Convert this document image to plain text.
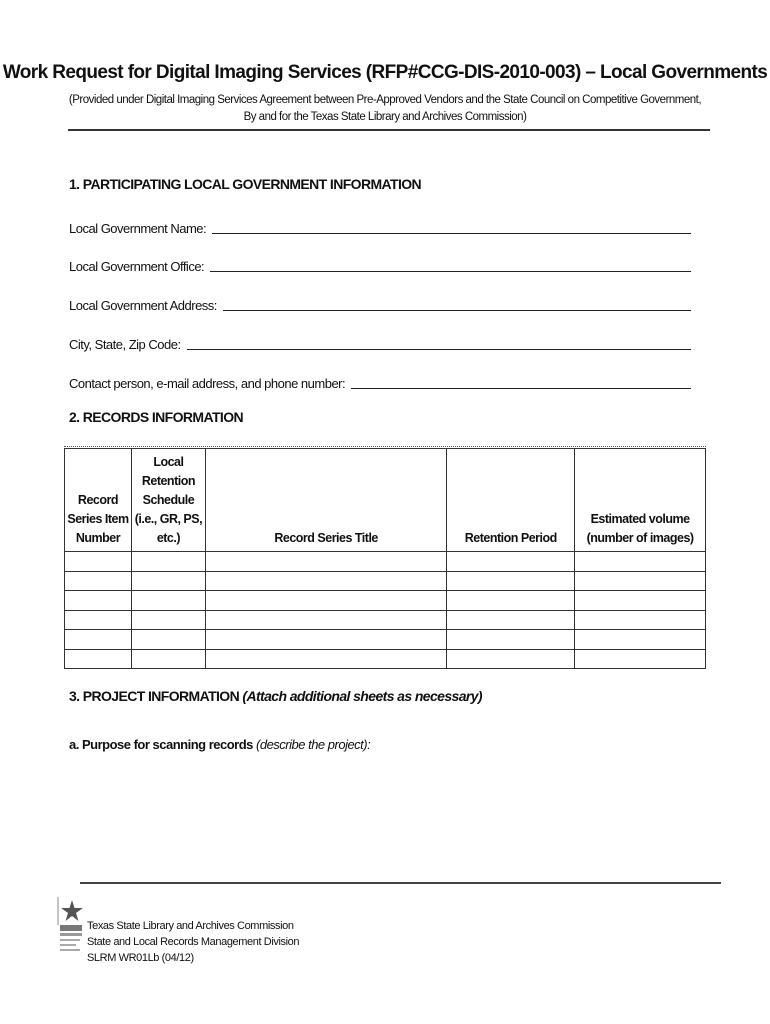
Work Request for Digital Imaging Services (RFP#CCG-DIS-2010-003) – Local Governments
(Provided under Digital Imaging Services Agreement between Pre-Approved Vendors and the State Council on Competitive Government,
By and for the Texas State Library and Archives Commission)
1. PARTICIPATING LOCAL GOVERNMENT INFORMATION
Local Government Name:
Local Government Office:
Local Government Address:
City, State, Zip Code:
Contact person, e-mail address, and phone number:
2. RECORDS INFORMATION
Record Series Item Number	Local Retention Schedule (i.e., GR, PS, etc.)	Record Series Title	Retention Period	Estimated volume (number of images)

3. PROJECT INFORMATION (Attach additional sheets as necessary)
a. Purpose for scanning records (describe the project):
Texas State Library and Archives Commission
State and Local Records Management Division
SLRM WR01Lb (04/12)
